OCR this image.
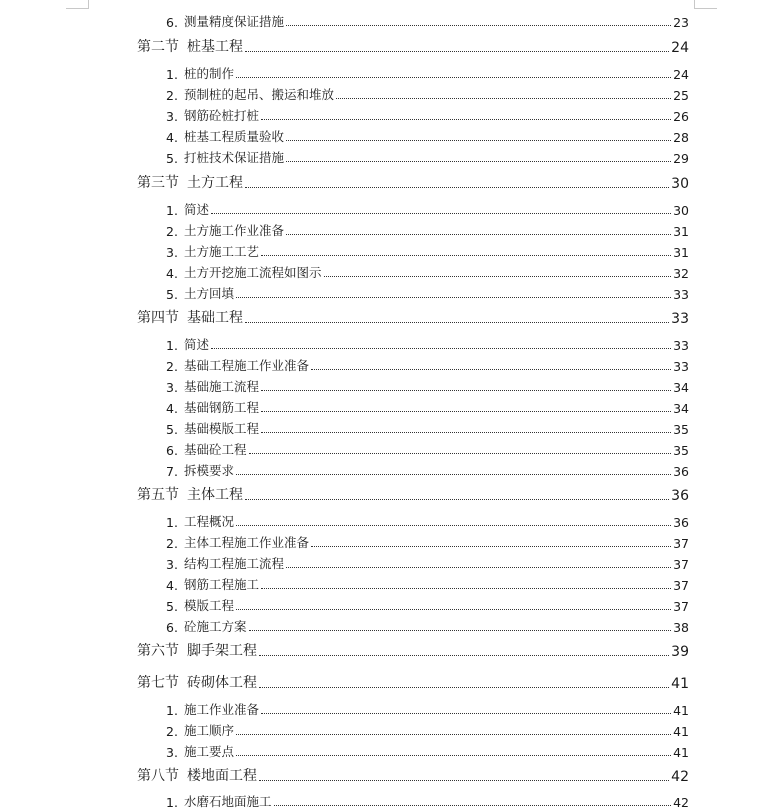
6. 测量精度保证措施	23
第二节 桩基工程	24
1. 桩的制作	24
2. 预制桩的起吊、搬运和堆放	25
3. 钢筋砼桩打桩	26
4. 桩基工程质量验收	28
5. 打桩技术保证措施	29
第三节 土方工程	30
1. 简述	30
2. 土方施工作业准备	31
3. 土方施工工艺	31
4. 土方开挖施工流程如图示	32
5. 土方回填	33
第四节 基础工程	33
1. 简述	33
2. 基础工程施工作业准备	33
3. 基础施工流程	34
4. 基础钢筋工程	34
5. 基础模版工程	35
6. 基础砼工程	35
7. 拆模要求	36
第五节 主体工程	36
1. 工程概况	36
2. 主体工程施工作业准备	37
3. 结构工程施工流程	37
4. 钢筋工程施工	37
5. 模版工程	37
6. 砼施工方案	38
第六节 脚手架工程	39
第七节 砖砌体工程	41
1. 施工作业准备	41
2. 施工顺序	41
3. 施工要点	41
第八节 楼地面工程	42
1. 水磨石地面施工	42
